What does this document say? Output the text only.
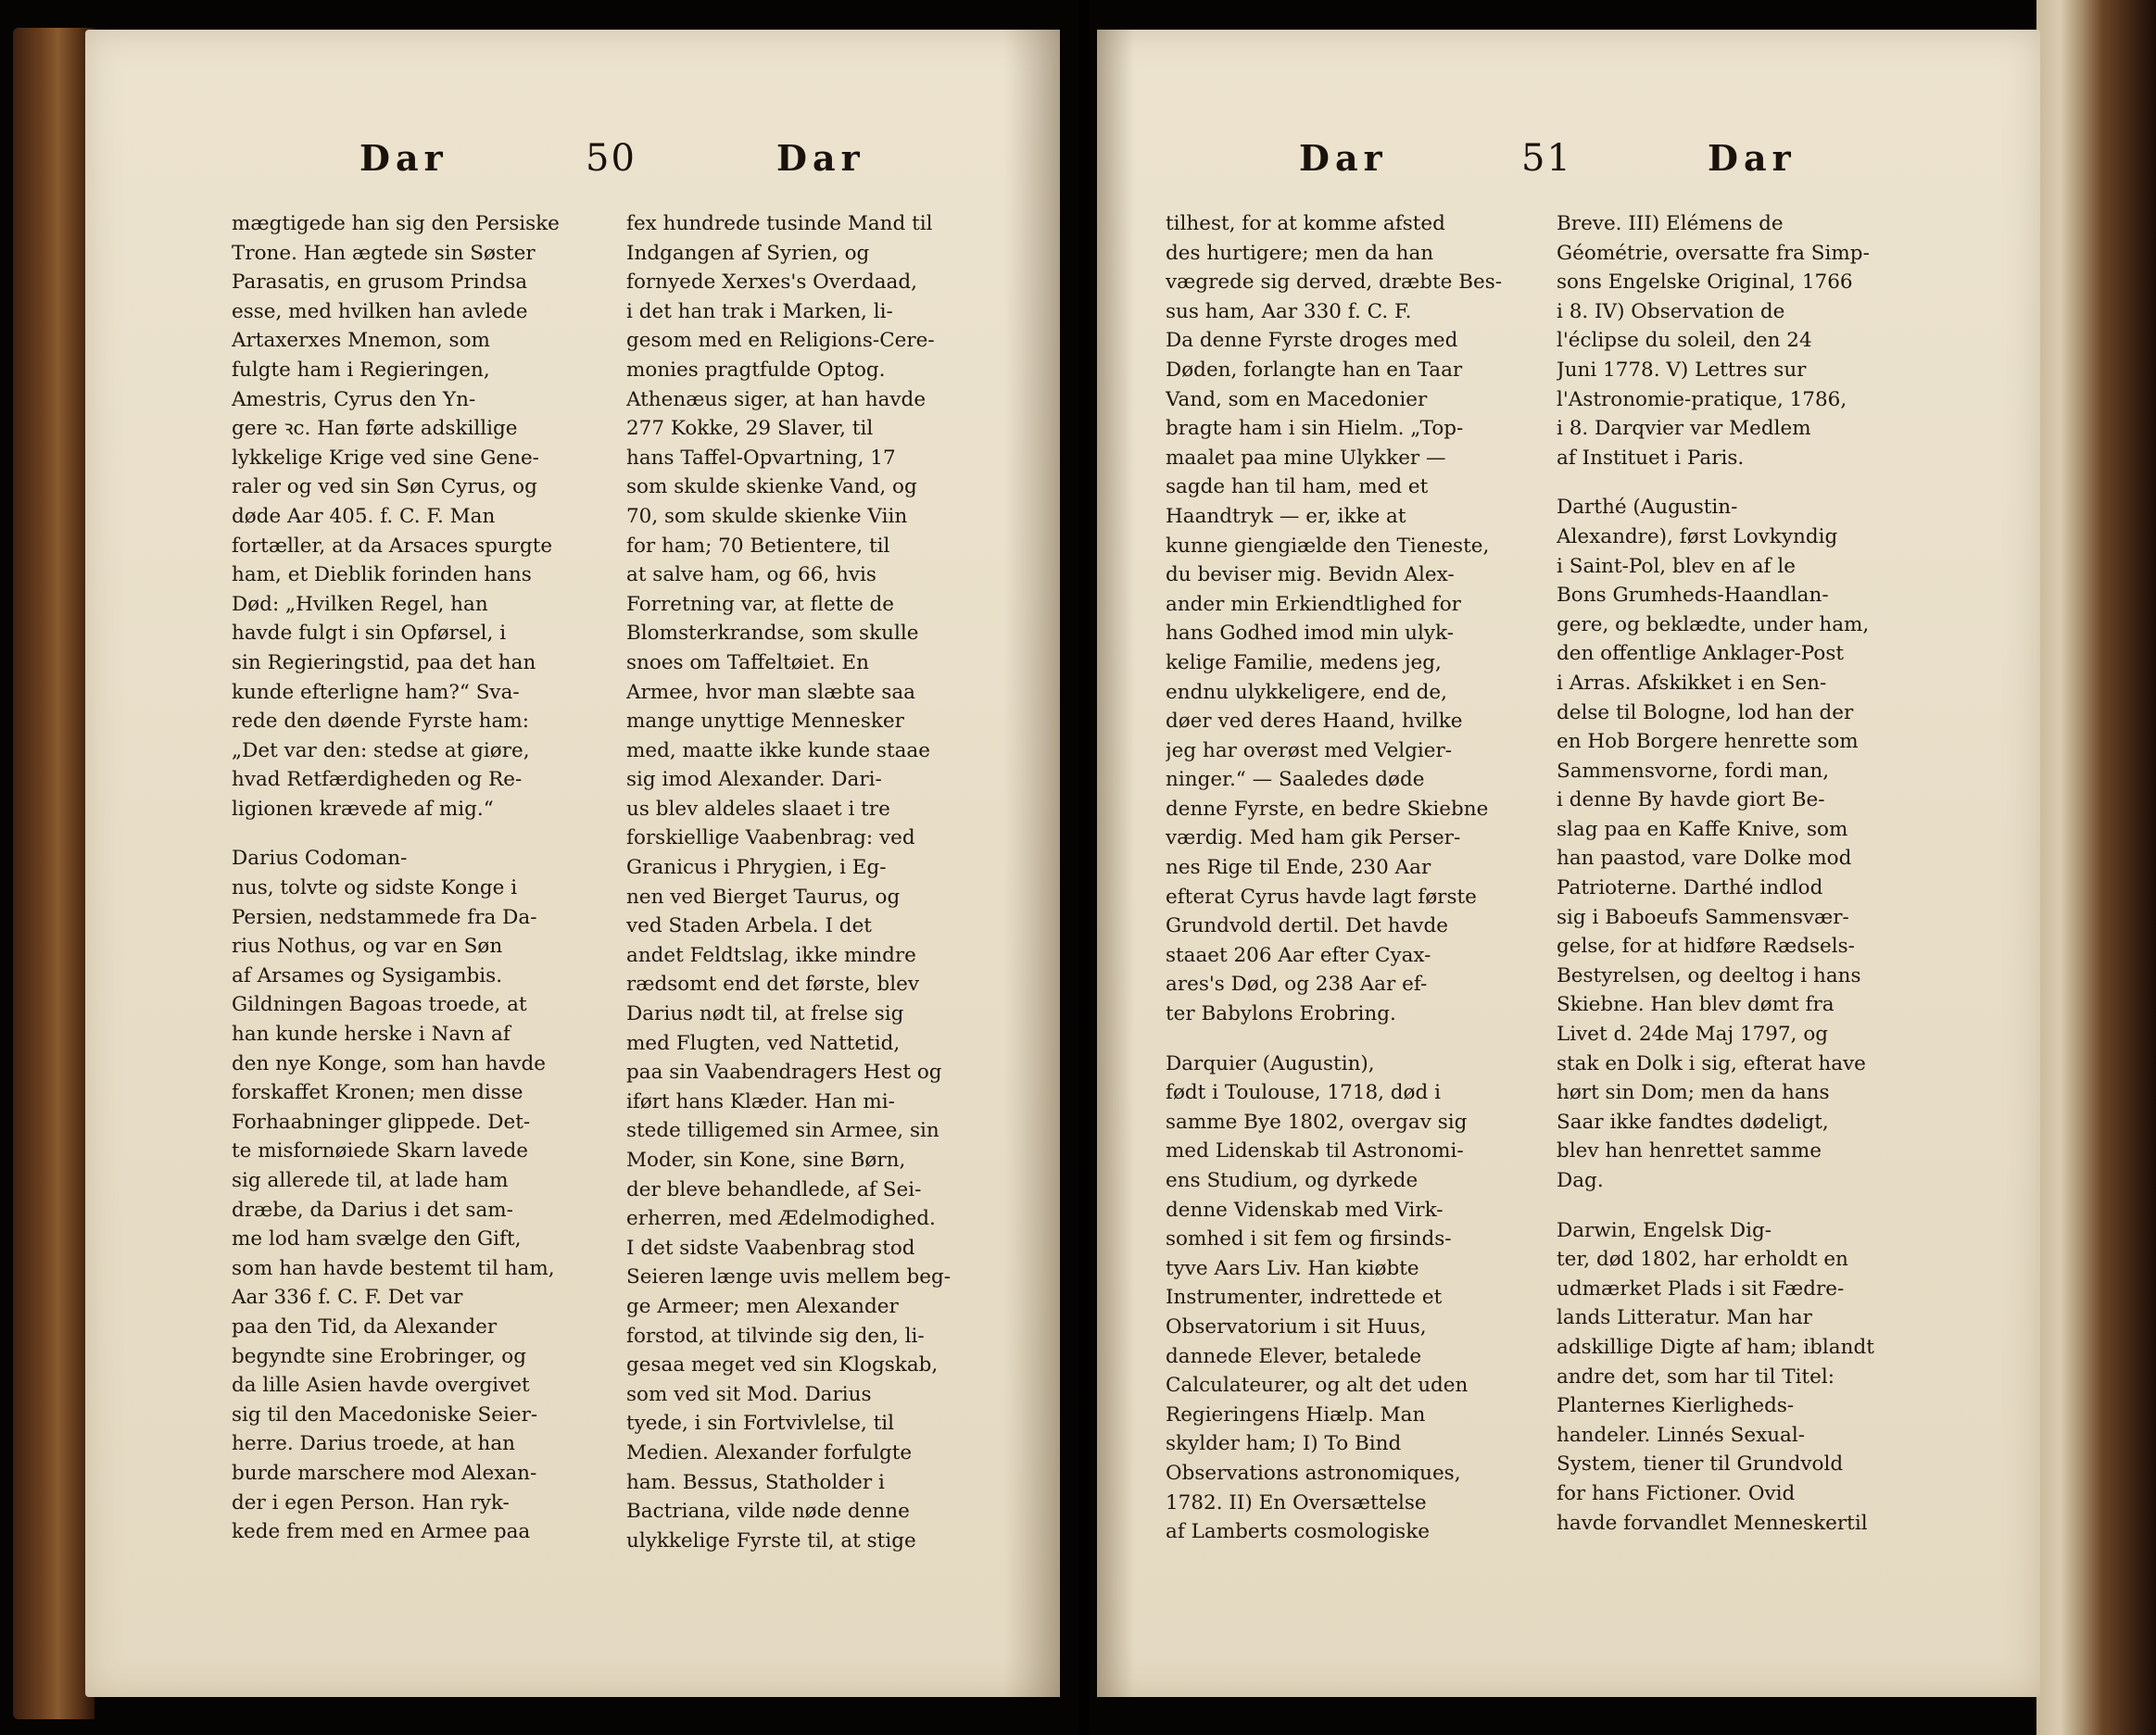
Dar	50	Dar	Dar	51	Dar
mægtigede han sig den Persiske
Trone. Han ægtede sin Søster
Parasatis, en grusom Prindsa
esse, med hvilken han avlede
Artaxerxes Mnemon, som
fulgte ham i Regieringen,
Amestris, Cyrus den Yn-
gere ꝛc. Han førte adskillige
lykkelige Krige ved sine Gene-
raler og ved sin Søn Cyrus, og
døde Aar 405. f. C. F. Man
fortæller, at da Arsaces spurgte
ham, et Dieblik forinden hans
Død: „Hvilken Regel, han
havde fulgt i sin Opførsel, i
sin Regieringstid, paa det han
kunde efterligne ham?“ Sva-
rede den døende Fyrste ham:
„Det var den: stedse at giøre,
hvad Retfærdigheden og Re-
ligionen krævede af mig.“
Darius Codoman-
nus, tolvte og sidste Konge i
Persien, nedstammede fra Da-
rius Nothus, og var en Søn
af Arsames og Sysigambis.
Gildningen Bagoas troede, at
han kunde herske i Navn af
den nye Konge, som han havde
forskaffet Kronen; men disse
Forhaabninger glippede. Det-
te misfornøiede Skarn lavede
sig allerede til, at lade ham
dræbe, da Darius i det sam-
me lod ham svælge den Gift,
som han havde bestemt til ham,
Aar 336 f. C. F. Det var
paa den Tid, da Alexander
begyndte sine Erobringer, og
da lille Asien havde overgivet
sig til den Macedoniske Seier-
herre. Darius troede, at han
burde marschere mod Alexan-
der i egen Person. Han ryk-
kede frem med en Armee paa
fex hundrede tusinde Mand til
Indgangen af Syrien, og
fornyede Xerxes's Overdaad,
i det han trak i Marken, li-
gesom med en Religions-Cere-
monies pragtfulde Optog.
Athenæus siger, at han havde
277 Kokke, 29 Slaver, til
hans Taffel-Opvartning, 17
som skulde skienke Vand, og
70, som skulde skienke Viin
for ham; 70 Betientere, til
at salve ham, og 66, hvis
Forretning var, at flette de
Blomsterkrandse, som skulle
snoes om Taffeltøiet. En
Armee, hvor man slæbte saa
mange unyttige Mennesker
med, maatte ikke kunde staae
sig imod Alexander. Dari-
us blev aldeles slaaet i tre
forskiellige Vaabenbrag: ved
Granicus i Phrygien, i Eg-
nen ved Bierget Taurus, og
ved Staden Arbela. I det
andet Feldtslag, ikke mindre
rædsomt end det første, blev
Darius nødt til, at frelse sig
med Flugten, ved Nattetid,
paa sin Vaabendragers Hest og
iført hans Klæder. Han mi-
stede tilligemed sin Armee, sin
Moder, sin Kone, sine Børn,
der bleve behandlede, af Sei-
erherren, med Ædelmodighed.
I det sidste Vaabenbrag stod
Seieren længe uvis mellem beg-
ge Armeer; men Alexander
forstod, at tilvinde sig den, li-
gesaa meget ved sin Klogskab,
som ved sit Mod. Darius
tyede, i sin Fortvivlelse, til
Medien. Alexander forfulgte
ham. Bessus, Statholder i
Bactriana, vilde nøde denne
ulykkelige Fyrste til, at stige
tilhest, for at komme afsted
des hurtigere; men da han
vægrede sig derved, dræbte Bes-
sus ham, Aar 330 f. C. F.
Da denne Fyrste droges med
Døden, forlangte han en Taar
Vand, som en Macedonier
bragte ham i sin Hielm. „Top-
maalet paa mine Ulykker —
sagde han til ham, med et
Haandtryk — er, ikke at
kunne giengiælde den Tieneste,
du beviser mig. Bevidn Alex-
ander min Erkiendtlighed for
hans Godhed imod min ulyk-
kelige Familie, medens jeg,
endnu ulykkeligere, end de,
døer ved deres Haand, hvilke
jeg har overøst med Velgier-
ninger.“ — Saaledes døde
denne Fyrste, en bedre Skiebne
værdig. Med ham gik Perser-
nes Rige til Ende, 230 Aar
efterat Cyrus havde lagt første
Grundvold dertil. Det havde
staaet 206 Aar efter Cyax-
ares's Død, og 238 Aar ef-
ter Babylons Erobring.
Darquier (Augustin),
født i Toulouse, 1718, død i
samme Bye 1802, overgav sig
med Lidenskab til Astronomi-
ens Studium, og dyrkede
denne Videnskab med Virk-
somhed i sit fem og firsinds-
tyve Aars Liv. Han kiøbte
Instrumenter, indrettede et
Observatorium i sit Huus,
dannede Elever, betalede
Calculateurer, og alt det uden
Regieringens Hiælp. Man
skylder ham; I) To Bind
Observations astronomiques,
1782. II) En Oversættelse
af Lamberts cosmologiske
Breve. III) Elémens de
Géométrie, oversatte fra Simp-
sons Engelske Original, 1766
i 8. IV) Observation de
l'éclipse du soleil, den 24
Juni 1778. V) Lettres sur
l'Astronomie-pratique, 1786,
i 8. Darqvier var Medlem
af Instituet i Paris.
Darthé (Augustin-
Alexandre), først Lovkyndig
i Saint-Pol, blev en af le
Bons Grumheds-Haandlan-
gere, og beklædte, under ham,
den offentlige Anklager-Post
i Arras. Afskikket i en Sen-
delse til Bologne, lod han der
en Hob Borgere henrette som
Sammensvorne, fordi man,
i denne By havde giort Be-
slag paa en Kaffe Knive, som
han paastod, vare Dolke mod
Patrioterne. Darthé indlod
sig i Baboeufs Sammensvær-
gelse, for at hidføre Rædsels-
Bestyrelsen, og deeltog i hans
Skiebne. Han blev dømt fra
Livet d. 24de Maj 1797, og
stak en Dolk i sig, efterat have
hørt sin Dom; men da hans
Saar ikke fandtes dødeligt,
blev han henrettet samme
Dag.
Darwin, Engelsk Dig-
ter, død 1802, har erholdt en
udmærket Plads i sit Fædre-
lands Litteratur. Man har
adskillige Digte af ham; iblandt
andre det, som har til Titel:
Planternes Kierligheds-
handeler. Linnés Sexual-
System, tiener til Grundvold
for hans Fictioner. Ovid
havde forvandlet Menneskertil
